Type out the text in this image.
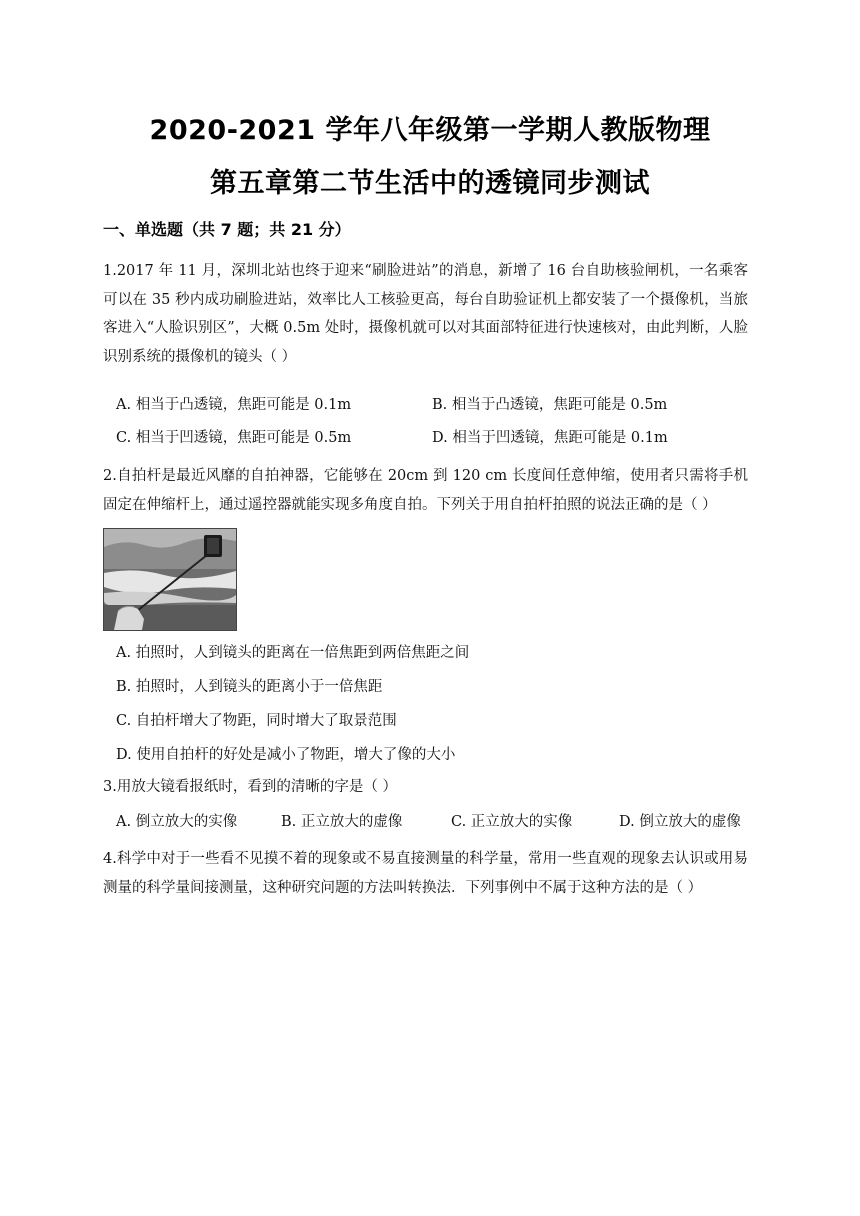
2020-2021 学年八年级第一学期人教版物理
第五章第二节生活中的透镜同步测试
一、单选题（共 7 题；共 21 分）
1.2017 年 11 月，深圳北站也终于迎来“刷脸进站”的消息，新增了 16 台自助核验闸机，一名乘客可以在 35 秒内成功刷脸进站，效率比人工核验更高，每台自助验证机上都安装了一个摄像机，当旅客进入“人脸识别区”，大概 0.5m 处时，摄像机就可以对其面部特征进行快速核对，由此判断，人脸识别系统的摄像机的镜头（ ）
A. 相当于凸透镜，焦距可能是 0.1m	B. 相当于凸透镜，焦距可能是 0.5m
C. 相当于凹透镜，焦距可能是 0.5m	D. 相当于凹透镜，焦距可能是 0.1m
2.自拍杆是最近风靡的自拍神器，它能够在 20cm 到 120 cm 长度间任意伸缩，使用者只需将手机固定在伸缩杆上，通过遥控器就能实现多角度自拍。下列关于用自拍杆拍照的说法正确的是（ ）
A. 拍照时，人到镜头的距离在一倍焦距到两倍焦距之间
B. 拍照时，人到镜头的距离小于一倍焦距
C. 自拍杆增大了物距，同时增大了取景范围
D. 使用自拍杆的好处是减小了物距，增大了像的大小
3.用放大镜看报纸时，看到的清晰的字是（ ）
A. 倒立放大的实像	B. 正立放大的虚像	C. 正立放大的实像	D. 倒立放大的虚像
4.科学中对于一些看不见摸不着的现象或不易直接测量的科学量，常用一些直观的现象去认识或用易测量的科学量间接测量，这种研究问题的方法叫转换法．下列事例中不属于这种方法的是（ ）
